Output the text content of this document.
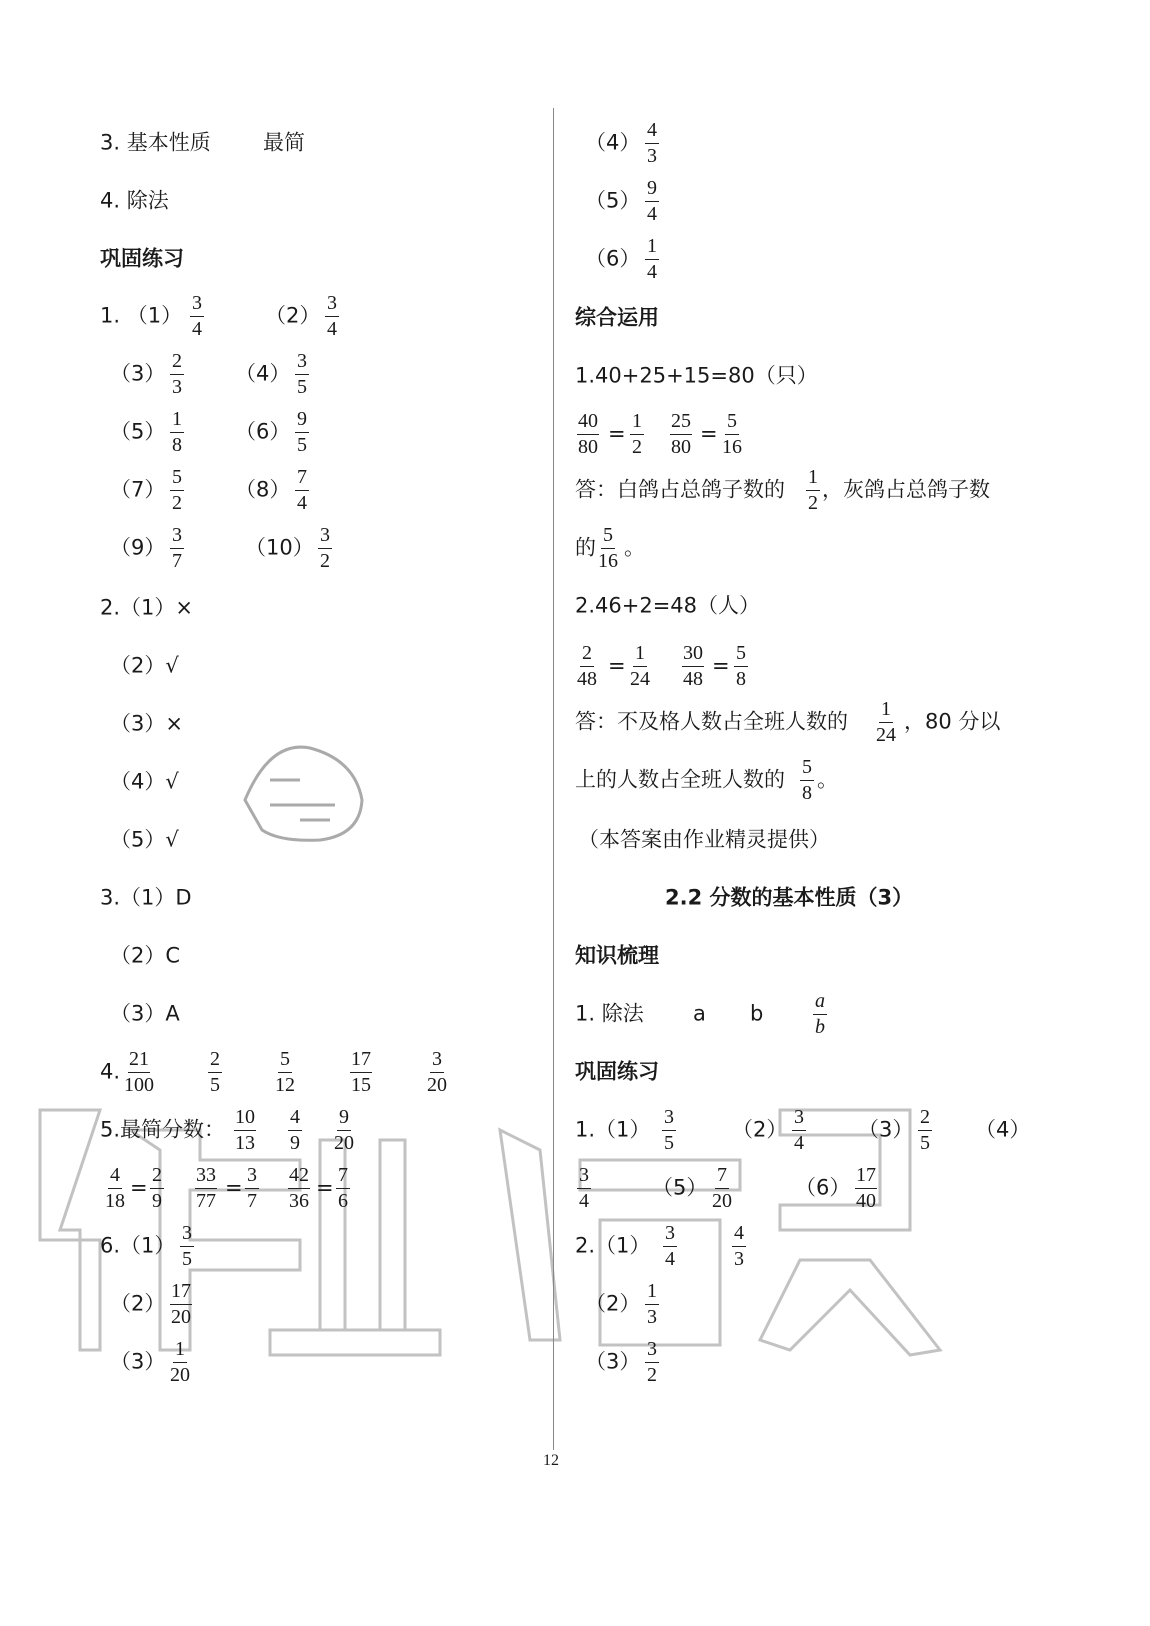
12
3. 基本性质 最简
4. 除法
巩固练习
1. $(1) \frac{3}{4}$	$(2) \frac{3}{4}$
$(3) \frac{2}{3} (4) \frac{3}{5}$
$(5) \frac{1}{8} (6) \frac{9}{5}$
$(7) \frac{5}{2} (8) \frac{7}{4}$
$(9) \frac{3}{7}$	$(10) \frac{3}{2}$
2.（1）×
（2）√
（3）×
（4）√
（5）√
3.（1）D
（2）C
（3）A
4. $\frac{21}{100}$	$\frac{2}{5}$	$\frac{5}{12}$	$\frac{17}{15}$	$\frac{3}{20}$
5.最简分数： $\frac{10}{13} \frac{4}{9} \frac{9}{20}$
$\frac{4}{18} = \frac{2}{9} \frac{33}{77} = \frac{3}{7} \frac{42}{36} = \frac{7}{6}$
$6.(1) \frac{3}{5}$
$(2) \frac{17}{20}$
$(3) \frac{1}{20}$
$(4) \frac{4}{3}$
$(5) \frac{9}{4}$
$(6) \frac{1}{4}$
综合运用
1.40+25+15=80（只）
$\frac{40}{80} = \frac{1}{2} \frac{25}{80} = \frac{5}{16}$
答：白鸽占总鸽子数的 $\frac{1}{2}$ ，灰鸽占总鸽子数
的 $\frac{5}{16}$ 。
2.46+2=48（人）
$\frac{2}{48} = \frac{1}{24} \frac{30}{48} = \frac{5}{8}$
答：不及格人数占全班人数的 $\frac{1}{24}$ ，80 分以
上的人数占全班人数的 $\frac{5}{8}$ 。
（本答案由作业精灵提供）
2.2 分数的基本性质（3）
知识梳理
1. 除法 a b $\frac{a}{b}$
巩固练习
$1.(1) \frac{3}{5}$	$(2) \frac{3}{4} (3) \frac{2}{5} (4)$
$\frac{3}{4}$	$(5) \frac{7}{20}$	$(6) \frac{17}{40}$
$2.(1) \frac{3}{4}$	$\frac{4}{3}$
$(2) \frac{1}{3}$
$(3) \frac{3}{2}$
